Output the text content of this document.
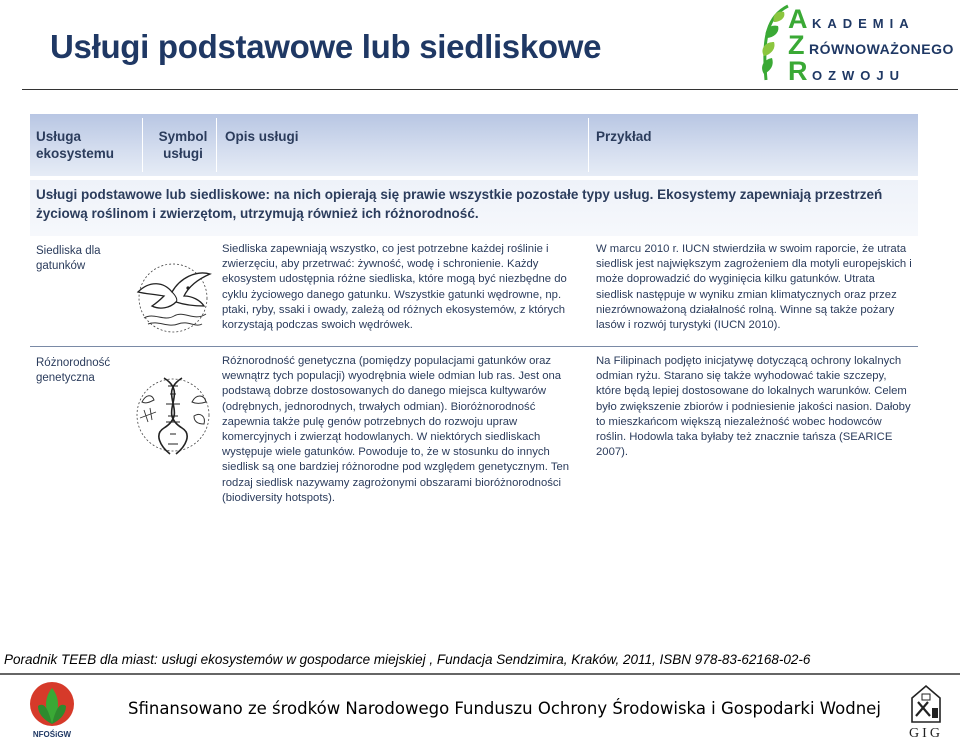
Usługi podstawowe lub siedliskowe
A KADEMIA
Z RÓWNOWAŻONEGO
R OZWOJU
Usługa ekosystemu
Symbol usługi
Opis usługi	Przykład
Usługi podstawowe lub siedliskowe: na nich opierają się prawie wszystkie pozostałe typy usług. Ekosystemy zapewniają przestrzeń życiową roślinom i zwierzętom, utrzymują również ich różnorodność.
Siedliska dla gatunków
Siedliska zapewniają wszystko, co jest potrzebne każdej roślinie i zwierzęciu, aby przetrwać: żywność, wodę i schronienie. Każdy ekosystem udostępnia różne siedliska, które mogą być niezbędne do cyklu życiowego danego gatunku. Wszystkie gatunki wędrowne, np. ptaki, ryby, ssaki i owady, zależą od różnych ekosystemów, z których korzystają podczas swoich wędrówek.
W marcu 2010 r. IUCN stwierdziła w swoim raporcie, że utrata siedlisk jest największym zagrożeniem dla motyli europejskich i może doprowadzić do wyginięcia kilku gatunków. Utrata siedlisk następuje w wyniku zmian klimatycznych oraz przez niezrównoważoną działalność rolną. Winne są także pożary lasów i rozwój turystyki (IUCN 2010).
Różnorodność genetyczna
Różnorodność genetyczna (pomiędzy populacjami gatunków oraz wewnątrz tych populacji) wyodrębnia wiele odmian lub ras. Jest ona podstawą dobrze dostosowanych do danego miejsca kultywarów (odrębnych, jednorodnych, trwałych odmian). Bioróżnorodność zapewnia także pulę genów potrzebnych do rozwoju upraw komercyjnych i zwierząt hodowlanych. W niektórych siedliskach występuje wiele gatunków. Powoduje to, że w stosunku do innych siedlisk są one bardziej różnorodne pod względem genetycznym. Ten rodzaj siedlisk nazywamy zagrożonymi obszarami bioróżnorodności (biodiversity hotspots).
Na Filipinach podjęto inicjatywę dotyczącą ochrony lokalnych odmian ryżu. Starano się także wyhodować takie szczepy, które będą lepiej dostosowane do lokalnych warunków. Celem było zwiększenie zbiorów i podniesienie jakości nasion. Dałoby to mieszkańcom większą niezależność wobec hodowców roślin. Hodowla taka byłaby też znacznie tańsza (SEARICE 2007).
Poradnik TEEB dla miast: usługi ekosystemów w gospodarce miejskiej , Fundacja Sendzimira, Kraków, 2011, ISBN 978-83-62168-02-6
NFOŚiGW
Sfinansowano ze środków Narodowego Funduszu Ochrony Środowiska i Gospodarki Wodnej
GIG
